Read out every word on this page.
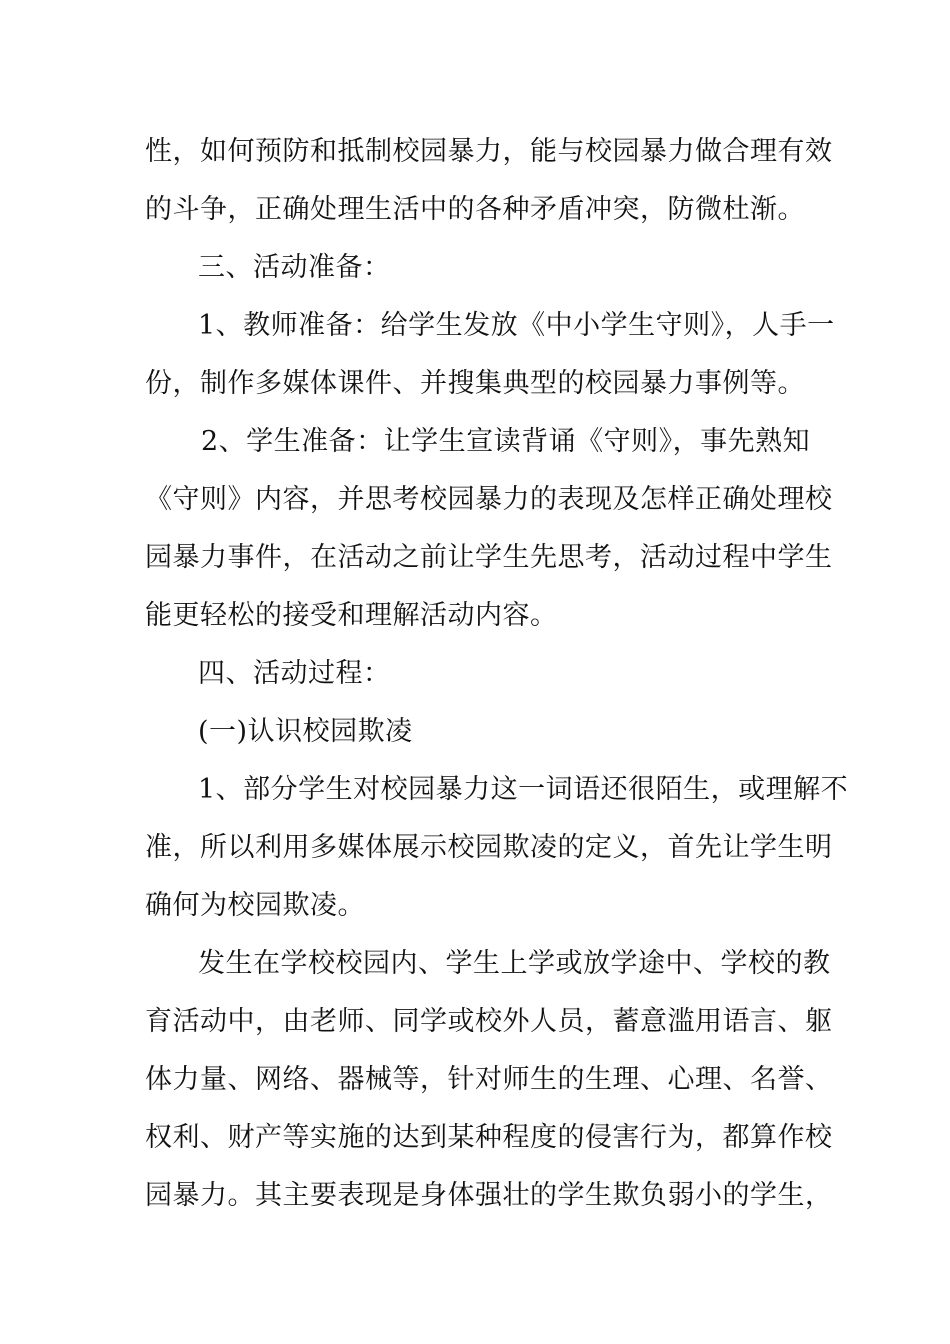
性，如何预防和抵制校园暴力，能与校园暴力做合理有效
的斗争，正确处理生活中的各种矛盾冲突，防微杜渐。
三、活动准备：
1、教师准备：给学生发放《中小学生守则》，人手一
份，制作多媒体课件、并搜集典型的校园暴力事例等。
2、学生准备：让学生宣读背诵《守则》，事先熟知
《守则》内容，并思考校园暴力的表现及怎样正确处理校
园暴力事件，在活动之前让学生先思考，活动过程中学生
能更轻松的接受和理解活动内容。
四、活动过程：
(一)认识校园欺凌
1、部分学生对校园暴力这一词语还很陌生，或理解不
准，所以利用多媒体展示校园欺凌的定义，首先让学生明
确何为校园欺凌。
发生在学校校园内、学生上学或放学途中、学校的教
育活动中，由老师、同学或校外人员，蓄意滥用语言、躯
体力量、网络、器械等，针对师生的生理、心理、名誉、
权利、财产等实施的达到某种程度的侵害行为，都算作校
园暴力。其主要表现是身体强壮的学生欺负弱小的学生，
